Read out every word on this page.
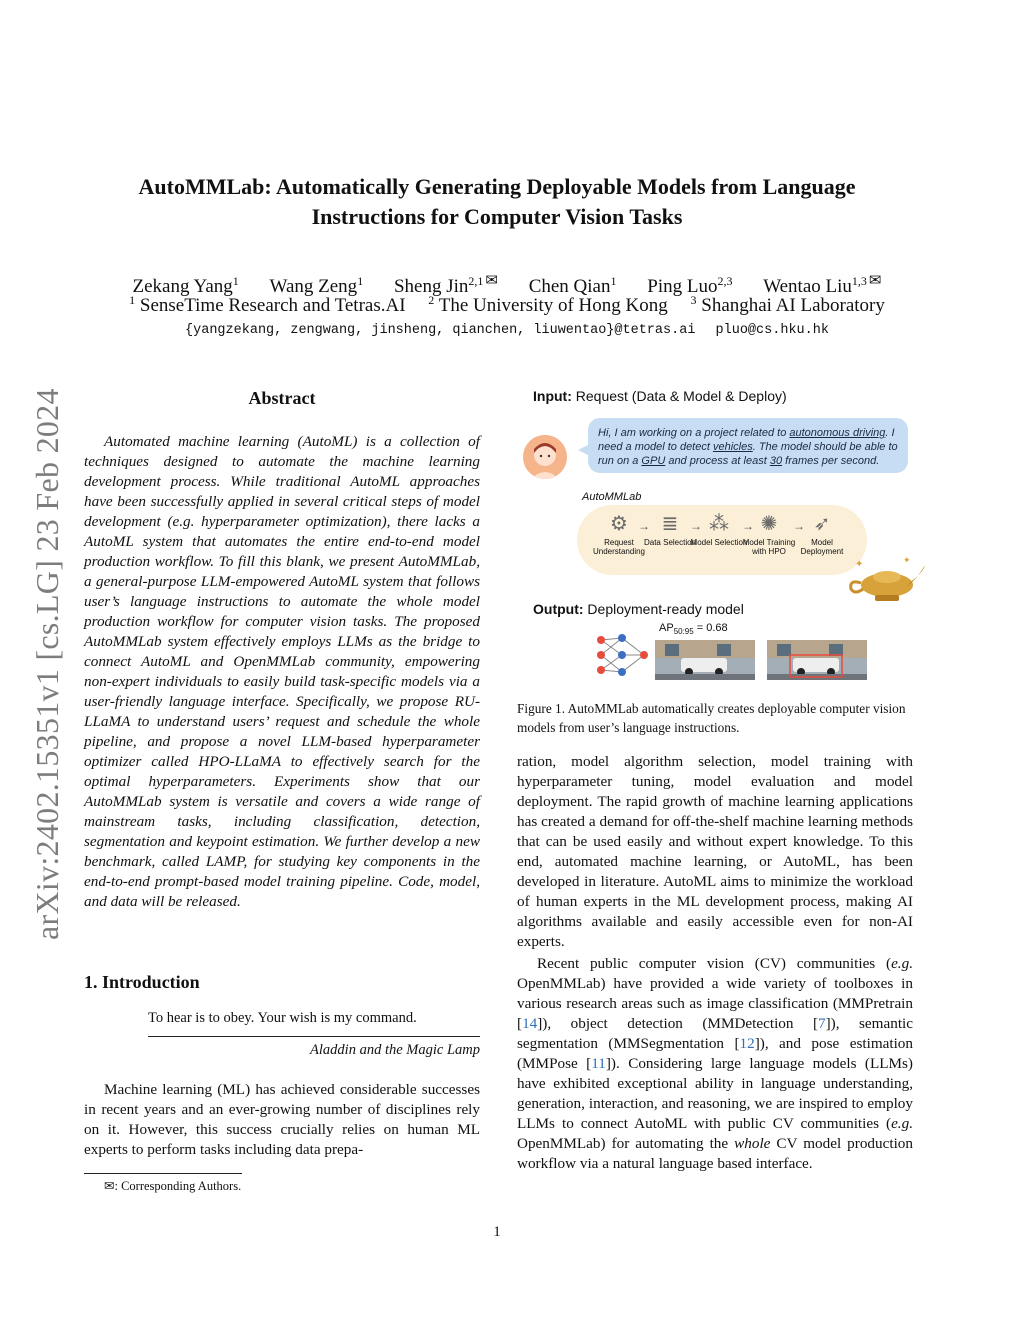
arXiv:2402.15351v1 [cs.LG] 23 Feb 2024
AutoMMLab: Automatically Generating Deployable Models from Language
Instructions for Computer Vision Tasks
Zekang Yang$^1$ Wang Zeng$^1$ Sheng Jin$^{2,1}$ ✉ Chen Qian$^1$ Ping Luo$^{2,3}$ Wentao Liu$^{1,3}$ ✉
$^1$ SenseTime Research and Tetras.AI $^2$ The University of Hong Kong $^3$ Shanghai AI Laboratory
{yangzekang, zengwang, jinsheng, qianchen, liuwentao}@tetras.ai pluo@cs.hku.hk
Abstract
Automated machine learning (AutoML) is a collection of techniques designed to automate the machine learning development process. While traditional AutoML approaches have been successfully applied in several critical steps of model development (e.g. hyperparameter optimization), there lacks a AutoML system that automates the entire end-to-end model production workflow. To fill this blank, we present AutoMMLab, a general-purpose LLM-empowered AutoML system that follows user’s language instructions to automate the whole model production workflow for computer vision tasks. The proposed AutoMMLab system effectively employs LLMs as the bridge to connect AutoML and OpenMMLab community, empowering non-expert individuals to easily build task-specific models via a user-friendly language interface. Specifically, we propose RU-LLaMA to understand users’ request and schedule the whole pipeline, and propose a novel LLM-based hyperparameter optimizer called HPO-LLaMA to effectively search for the optimal hyperparameters. Experiments show that our AutoMMLab system is versatile and covers a wide range of mainstream tasks, including classification, detection, segmentation and keypoint estimation. We further develop a new benchmark, called LAMP, for studying key components in the end-to-end prompt-based model training pipeline. Code, model, and data will be released.
1. Introduction
To hear is to obey. Your wish is my command.
Aladdin and the Magic Lamp
Machine learning (ML) has achieved considerable successes in recent years and an ever-growing number of disciplines rely on it. However, this success crucially relies on human ML experts to perform tasks including data prepa-
✉: Corresponding Authors.
Input: Request (Data & Model & Deploy)
Hi, I am working on a project related to autonomous driving. I need a model to detect vehicles. The model should be able to run on a GPU and process at least 30 frames per second.
AutoMMLab
⚙
Request Understanding
→ ≣
Data Selection
→ ⁂
Model Selection
→ ✺
Model Training with HPO
→ ➶
Model Deployment
✦	✦
Output: Deployment-ready model
$AP_{50:95} = 0.68$
Figure 1. AutoMMLab automatically creates deployable computer vision models from user’s language instructions.

ration, model algorithm selection, model training with hyperparameter tuning, model evaluation and model deployment. The rapid growth of machine learning applications has created a demand for off-the-shelf machine learning methods that can be used easily and without expert knowledge. To this end, automated machine learning, or AutoML, has been developed in literature. AutoML aims to minimize the workload of human experts in the ML development process, making AI algorithms available and easily accessible even for non-AI experts.

Recent public computer vision (CV) communities (e.g. OpenMMLab) have provided a wide variety of toolboxes in various research areas such as image classification (MMPretrain [14]), object detection (MMDetection [7]), semantic segmentation (MMSegmentation [12]), and pose estimation (MMPose [11]). Considering large language models (LLMs) have exhibited exceptional ability in language understanding, generation, interaction, and reasoning, we are inspired to employ LLMs to connect AutoML with public CV communities (e.g. OpenMMLab) for automating the whole CV model production workflow via a natural language based interface.

1
